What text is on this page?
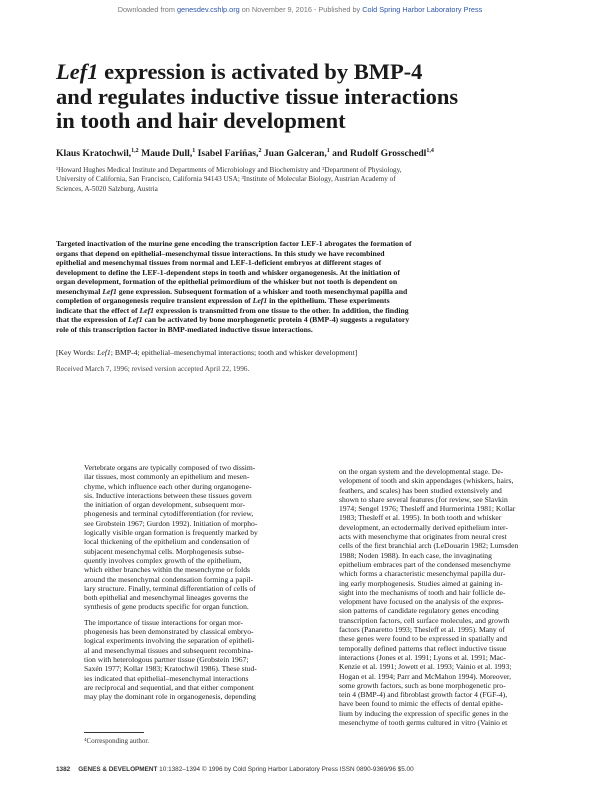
Downloaded from genesdev.cshlp.org on November 9, 2016 - Published by Cold Spring Harbor Laboratory Press
Lef1 expression is activated by BMP-4
and regulates inductive tissue interactions
in tooth and hair development
Klaus Kratochwil,$^{1,2}$ Maude Dull,$^1$ Isabel Fariñas,$^2$ Juan Galceran,$^1$ and Rudolf Grosschedl$^{1,4}$
¹Howard Hughes Medical Institute and Departments of Microbiology and Biochemistry and ²Department of Physiology,
University of California, San Francisco, California 94143 USA; ³Institute of Molecular Biology, Austrian Academy of
Sciences, A-5020 Salzburg, Austria
Targeted inactivation of the murine gene encoding the transcription factor LEF-1 abrogates the formation of
organs that depend on epithelial–mesenchymal tissue interactions. In this study we have recombined
epithelial and mesenchymal tissues from normal and LEF-1-deficient embryos at different stages of
development to define the LEF-1-dependent steps in tooth and whisker organogenesis. At the initiation of
organ development, formation of the epithelial primordium of the whisker but not tooth is dependent on
mesenchymal Lef1 gene expression. Subsequent formation of a whisker and tooth mesenchymal papilla and
completion of organogenesis require transient expression of Lef1 in the epithelium. These experiments
indicate that the effect of Lef1 expression is transmitted from one tissue to the other. In addition, the finding
that the expression of Lef1 can be activated by bone morphogenetic protein 4 (BMP-4) suggests a regulatory
role of this transcription factor in BMP-mediated inductive tissue interactions.
[Key Words: Lef1; BMP-4; epithelial–mesenchymal interactions; tooth and whisker development]
Received March 7, 1996; revised version accepted April 22, 1996.
Vertebrate organs are typically composed of two dissim-
ilar tissues, most commonly an epithelium and mesen-
chyme, which influence each other during organogene-
sis. Inductive interactions between these tissues govern
the initiation of organ development, subsequent mor-
phogenesis and terminal cytodifferentiation (for review,
see Grobstein 1967; Gurdon 1992). Initiation of morpho-
logically visible organ formation is frequently marked by
local thickening of the epithelium and condensation of
subjacent mesenchymal cells. Morphogenesis subse-
quently involves complex growth of the epithelium,
which either branches within the mesenchyme or folds
around the mesenchymal condensation forming a papil-
lary structure. Finally, terminal differentiation of cells of
both epithelial and mesenchymal lineages governs the
synthesis of gene products specific for organ function.
The importance of tissue interactions for organ mor-
phogenesis has been demonstrated by classical embryo-
logical experiments involving the separation of epitheli-
al and mesenchymal tissues and subsequent recombina-
tion with heterologous partner tissue (Grobstein 1967;
Saxén 1977; Kollar 1983; Kratochwil 1986). These stud-
ies indicated that epithelial–mesenchymal interactions
are reciprocal and sequential, and that either component
may play the dominant role in organogenesis, depending
on the organ system and the developmental stage. De-
velopment of tooth and skin appendages (whiskers, hairs,
feathers, and scales) has been studied extensively and
shown to share several features (for review, see Slavkin
1974; Sengel 1976; Thesleff and Hurmerinta 1981; Kollar
1983; Thesleff et al. 1995). In both tooth and whisker
development, an ectodermally derived epithelium inter-
acts with mesenchyme that originates from neural crest
cells of the first branchial arch (LeDouarin 1982; Lumsden
1988; Noden 1988). In each case, the invaginating
epithelium embraces part of the condensed mesenchyme
which forms a characteristic mesenchymal papilla dur-
ing early morphogenesis. Studies aimed at gaining in-
sight into the mechanisms of tooth and hair follicle de-
velopment have focused on the analysis of the expres-
sion patterns of candidate regulatory genes encoding
transcription factors, cell surface molecules, and growth
factors (Panaretto 1993; Thesleff et al. 1995). Many of
these genes were found to be expressed in spatially and
temporally defined patterns that reflect inductive tissue
interactions (Jones et al. 1991; Lyons et al. 1991; Mac-
Kenzie et al. 1991; Jowett et al. 1993; Vainio et al. 1993;
Hogan et al. 1994; Parr and McMahon 1994). Moreover,
some growth factors, such as bone morphogenetic pro-
tein 4 (BMP-4) and fibroblast growth factor 4 (FGF-4),
have been found to mimic the effects of dental epithe-
lium by inducing the expression of specific genes in the
mesenchyme of tooth germs cultured in vitro (Vainio et
⁴Corresponding author.
1382 GENES & DEVELOPMENT 10:1382–1394 © 1996 by Cold Spring Harbor Laboratory Press ISSN 0890-9369/96 $5.00
